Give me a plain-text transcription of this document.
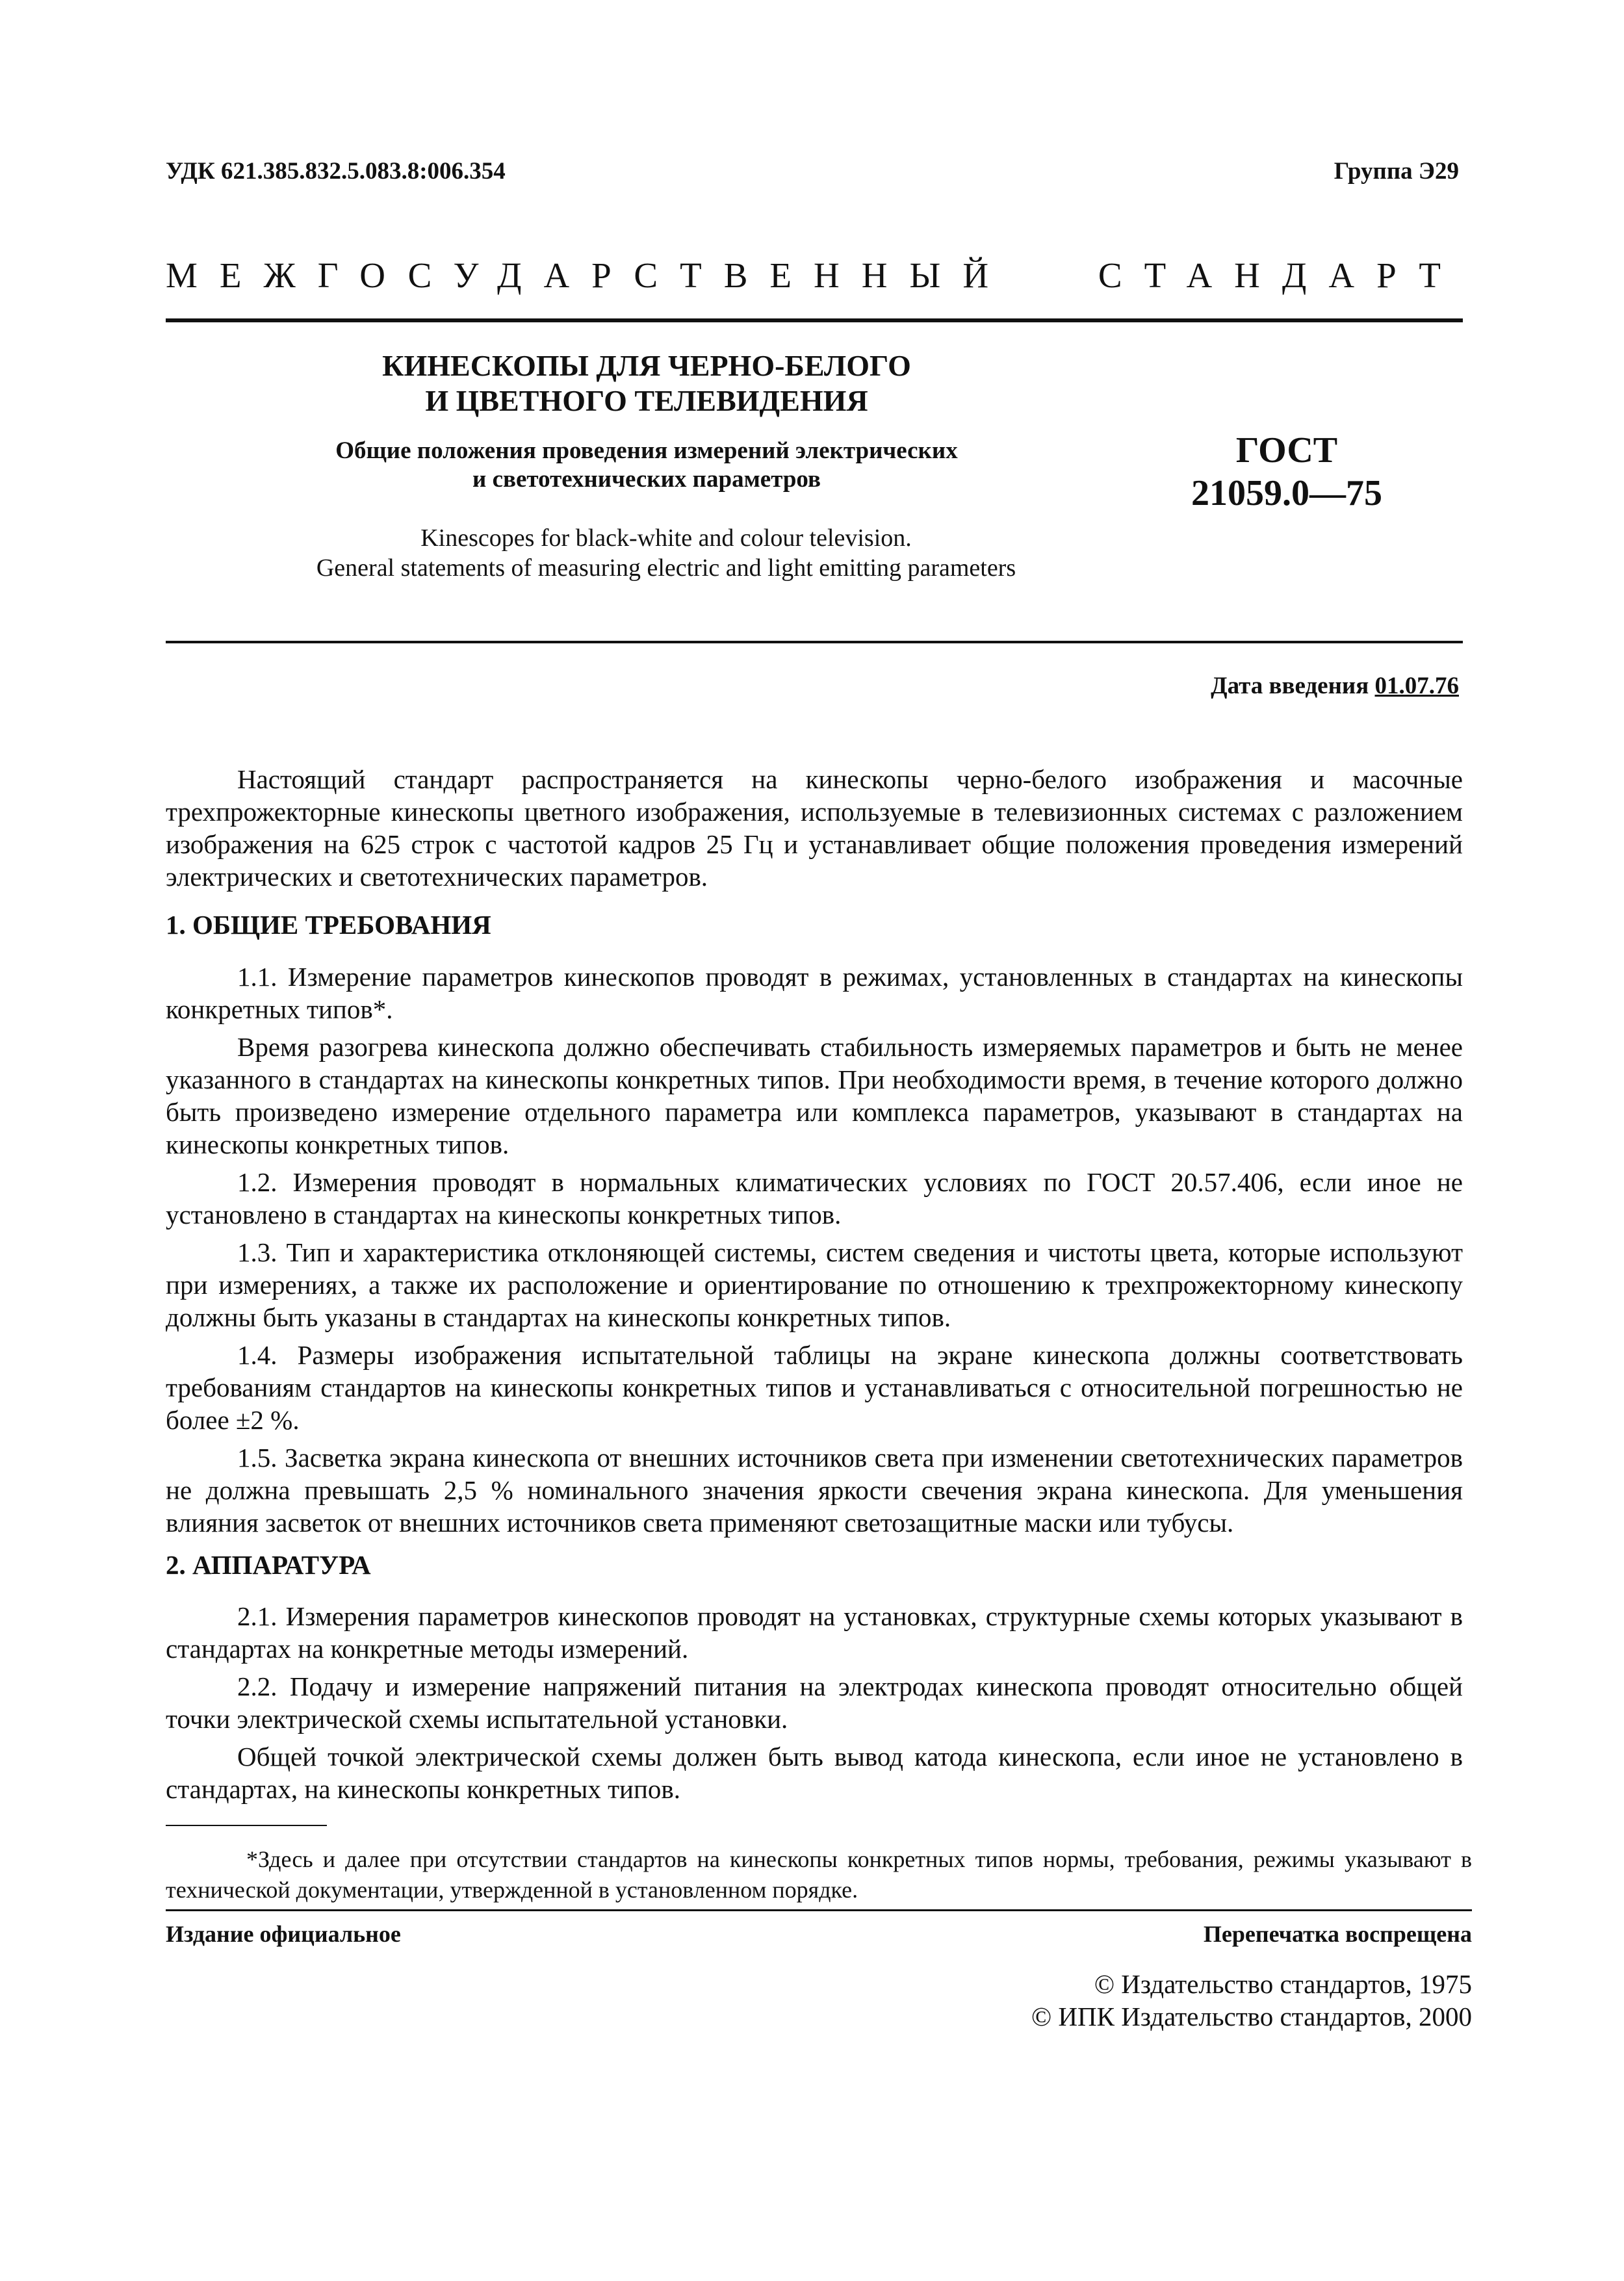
УДК 621.385.832.5.083.8:006.354	Группа Э29
МЕЖГОСУДАРСТВЕННЫЙ СТАНДАРТ
КИНЕСКОПЫ ДЛЯ ЧЕРНО-БЕЛОГО
И ЦВЕТНОГО ТЕЛЕВИДЕНИЯ
Общие положения проведения измерений электрических
и светотехнических параметров
Kinescopes for black-white and colour television.
General statements of measuring electric and light emitting parameters
ГОСТ
21059.0—75
Дата введения 01.07.76

Настоящий стандарт распространяется на кинескопы черно-белого изображения и масочные трехпрожекторные кинескопы цветного изображения, используемые в телевизионных системах с разложением изображения на 625 строк с частотой кадров 25 Гц и устанавливает общие положения проведения измерений электрических и светотехнических параметров.

1. ОБЩИЕ ТРЕБОВАНИЯ

1.1. Измерение параметров кинескопов проводят в режимах, установленных в стандартах на кинескопы конкретных типов*.

Время разогрева кинескопа должно обеспечивать стабильность измеряемых параметров и быть не менее указанного в стандартах на кинескопы конкретных типов. При необходимости время, в течение которого должно быть произведено измерение отдельного параметра или комплекса параметров, указывают в стандартах на кинескопы конкретных типов.

1.2. Измерения проводят в нормальных климатических условиях по ГОСТ 20.57.406, если иное не установлено в стандартах на кинескопы конкретных типов.

1.3. Тип и характеристика отклоняющей системы, систем сведения и чистоты цвета, которые используют при измерениях, а также их расположение и ориентирование по отношению к трехпрожекторному кинескопу должны быть указаны в стандартах на кинескопы конкретных типов.

1.4. Размеры изображения испытательной таблицы на экране кинескопа должны соответствовать требованиям стандартов на кинескопы конкретных типов и устанавливаться с относительной погрешностью не более ±2 %.

1.5. Засветка экрана кинескопа от внешних источников света при изменении светотехнических параметров не должна превышать 2,5 % номинального значения яркости свечения экрана кинескопа. Для уменьшения влияния засветок от внешних источников света применяют светозащитные маски или тубусы.

2. АППАРАТУРА

2.1. Измерения параметров кинескопов проводят на установках, структурные схемы которых указывают в стандартах на конкретные методы измерений.

2.2. Подачу и измерение напряжений питания на электродах кинескопа проводят относительно общей точки электрической схемы испытательной установки.

Общей точкой электрической схемы должен быть вывод катода кинескопа, если иное не установлено в стандартах, на кинескопы конкретных типов.

*Здесь и далее при отсутствии стандартов на кинескопы конкретных типов нормы, требования, режимы указывают в технической документации, утвержденной в установленном порядке.
Издание официальное	Перепечатка воспрещена
© Издательство стандартов, 1975
© ИПК Издательство стандартов, 2000
